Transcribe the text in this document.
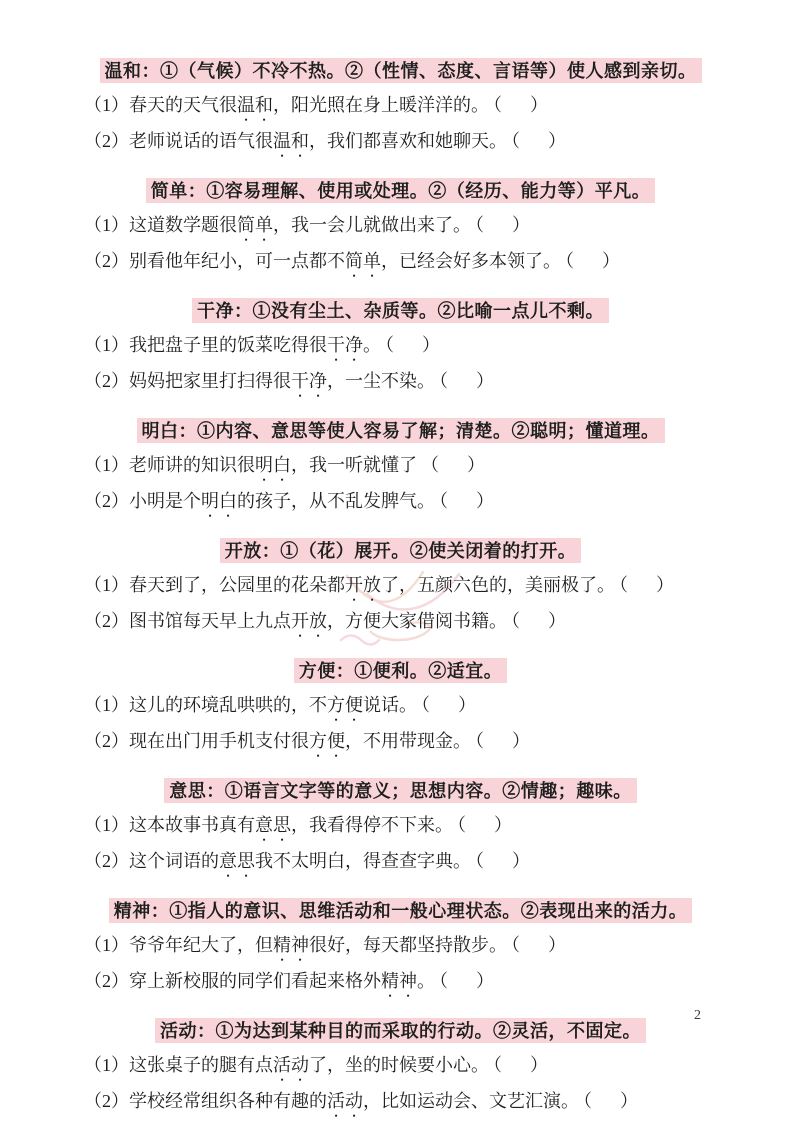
温和：①（气候）不冷不热。②（性情、态度、言语等）使人感到亲切。

（1）春天的天气很温和，阳光照在身上暖洋洋的。 （　）

（2）老师说话的语气很温和，我们都喜欢和她聊天。 （　）

简单：①容易理解、使用或处理。②（经历、能力等）平凡。

（1）这道数学题很简单，我一会儿就做出来了。 （　）

（2）别看他年纪小，可一点都不简单，已经会好多本领了。 （　）

干净：①没有尘土、杂质等。②比喻一点儿不剩。

（1）我把盘子里的饭菜吃得很干净。 （　）

（2）妈妈把家里打扫得很干净，一尘不染。 （　）

明白：①内容、意思等使人容易了解；清楚。②聪明；懂道理。

（1）老师讲的知识很明白，我一听就懂了 （　）

（2）小明是个明白的孩子，从不乱发脾气。 （　）

开放：①（花）展开。②使关闭着的打开。

（1）春天到了，公园里的花朵都开放了，五颜六色的，美丽极了。 （　）

（2）图书馆每天早上九点开放，方便大家借阅书籍。 （　）

方便：①便利。②适宜。

（1）这儿的环境乱哄哄的，不方便说话。 （　）

（2）现在出门用手机支付很方便，不用带现金。 （　）

意思：①语言文字等的意义；思想内容。②情趣；趣味。

（1）这本故事书真有意思，我看得停不下来。 （　）

（2）这个词语的意思我不太明白，得查查字典。 （　）

精神：①指人的意识、思维活动和一般心理状态。②表现出来的活力。

（1）爷爷年纪大了，但精神很好，每天都坚持散步。 （　）

（2）穿上新校服的同学们看起来格外精神。 （　）

活动：①为达到某种目的而采取的行动。②灵活，不固定。

（1）这张桌子的腿有点活动了，坐的时候要小心。 （　）

（2）学校经常组织各种有趣的活动，比如运动会、文艺汇演。 （　）

2
